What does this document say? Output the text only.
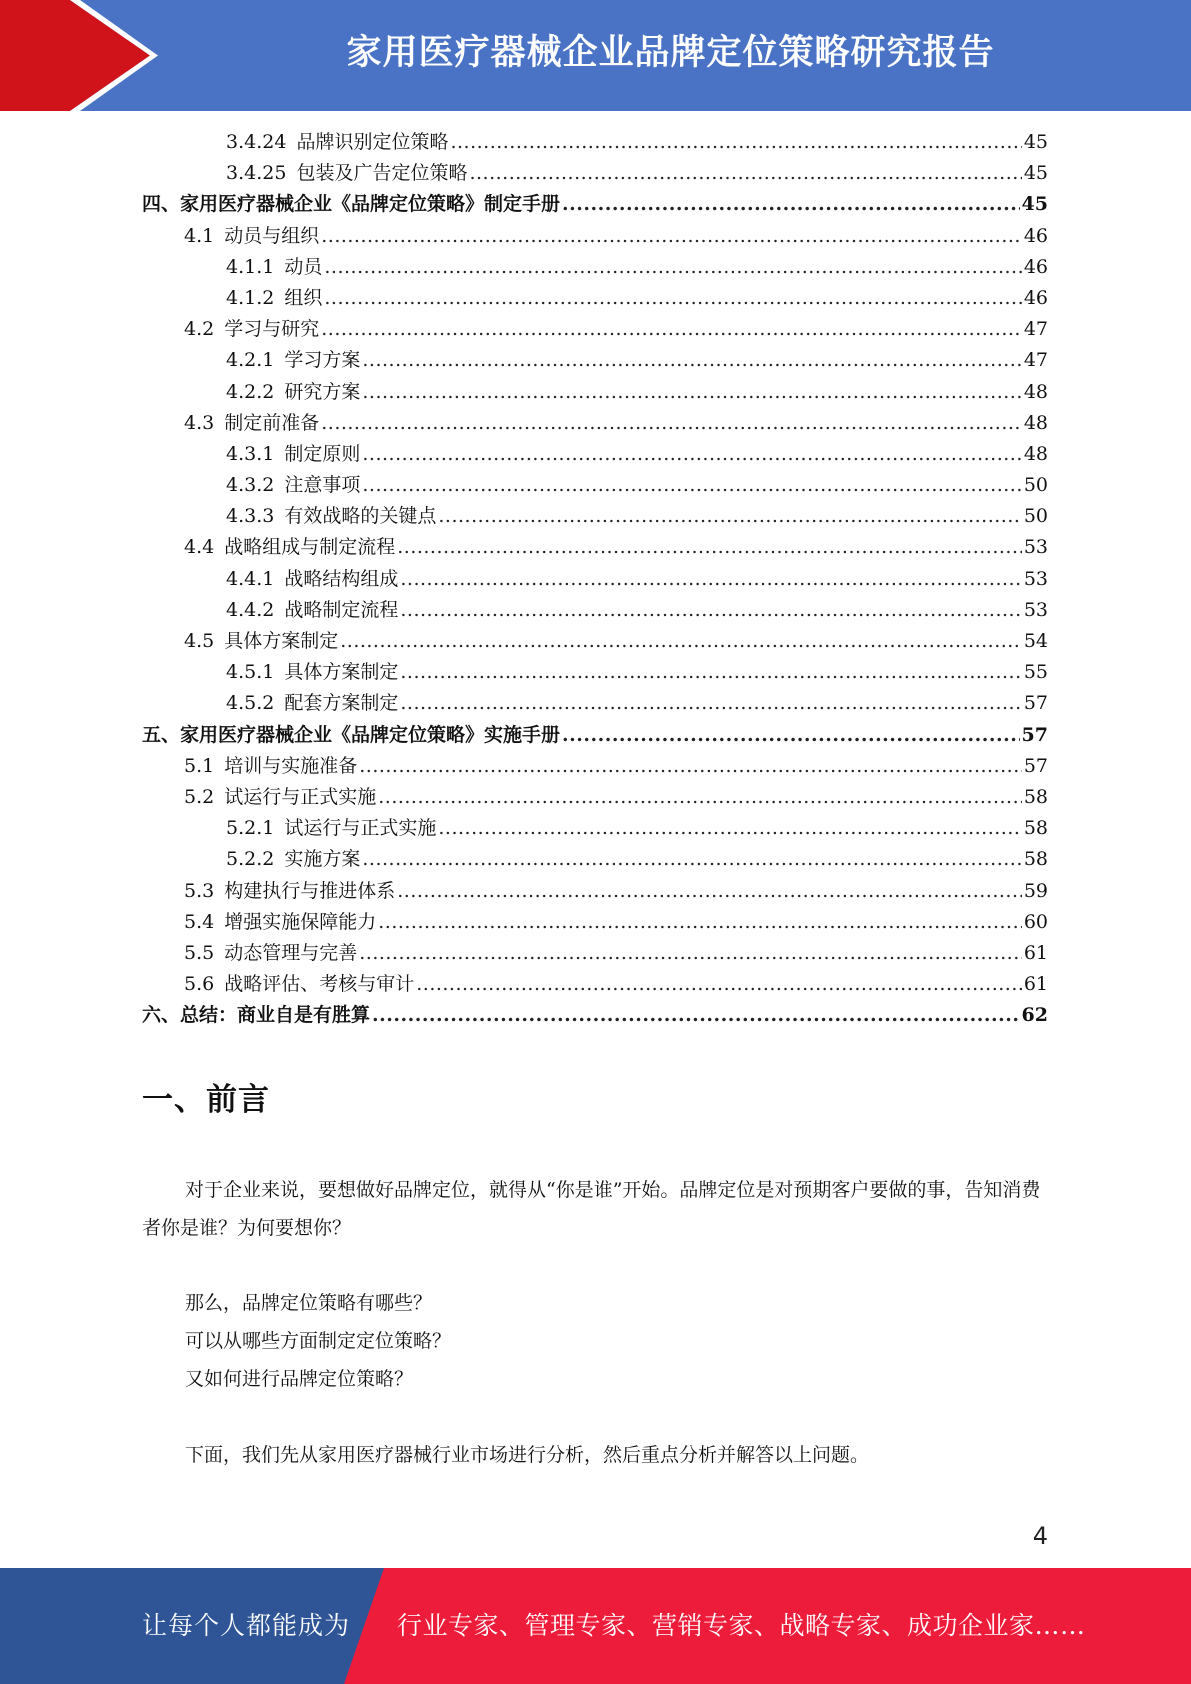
家用医疗器械企业品牌定位策略研究报告
3.4.24 品牌识别定位策略 .....	45
3.4.25 包装及广告定位策略 .....	45
四、家用医疗器械企业《品牌定位策略》制定手册 .....	45
4.1 动员与组织 .....	46
4.1.1 动员 .....	46
4.1.2 组织 .....	46
4.2 学习与研究 .....	47
4.2.1 学习方案 .....	47
4.2.2 研究方案 .....	48
4.3 制定前准备 .....	48
4.3.1 制定原则 .....	48
4.3.2 注意事项 .....	50
4.3.3 有效战略的关键点 .....	50
4.4 战略组成与制定流程 .....	53
4.4.1 战略结构组成 .....	53
4.4.2 战略制定流程 .....	53
4.5 具体方案制定 .....	54
4.5.1 具体方案制定 .....	55
4.5.2 配套方案制定 .....	57
五、家用医疗器械企业《品牌定位策略》实施手册 .....	57
5.1 培训与实施准备 .....	57
5.2 试运行与正式实施 .....	58
5.2.1 试运行与正式实施 .....	58
5.2.2 实施方案 .....	58
5.3 构建执行与推进体系 .....	59
5.4 增强实施保障能力 .....	60
5.5 动态管理与完善 .....	61
5.6 战略评估、考核与审计 .....	61
六、总结：商业自是有胜算 .....	62
一、前言
对于企业来说，要想做好品牌定位，就得从“你是谁”开始。品牌定位是对预期客户要做的事，告知消费者你是谁？为何要想你？
那么，品牌定位策略有哪些？
可以从哪些方面制定定位策略？
又如何进行品牌定位策略？
下面，我们先从家用医疗器械行业市场进行分析，然后重点分析并解答以上问题。
4
让每个人都能成为 行业专家、管理专家、营销专家、战略专家、成功企业家……
